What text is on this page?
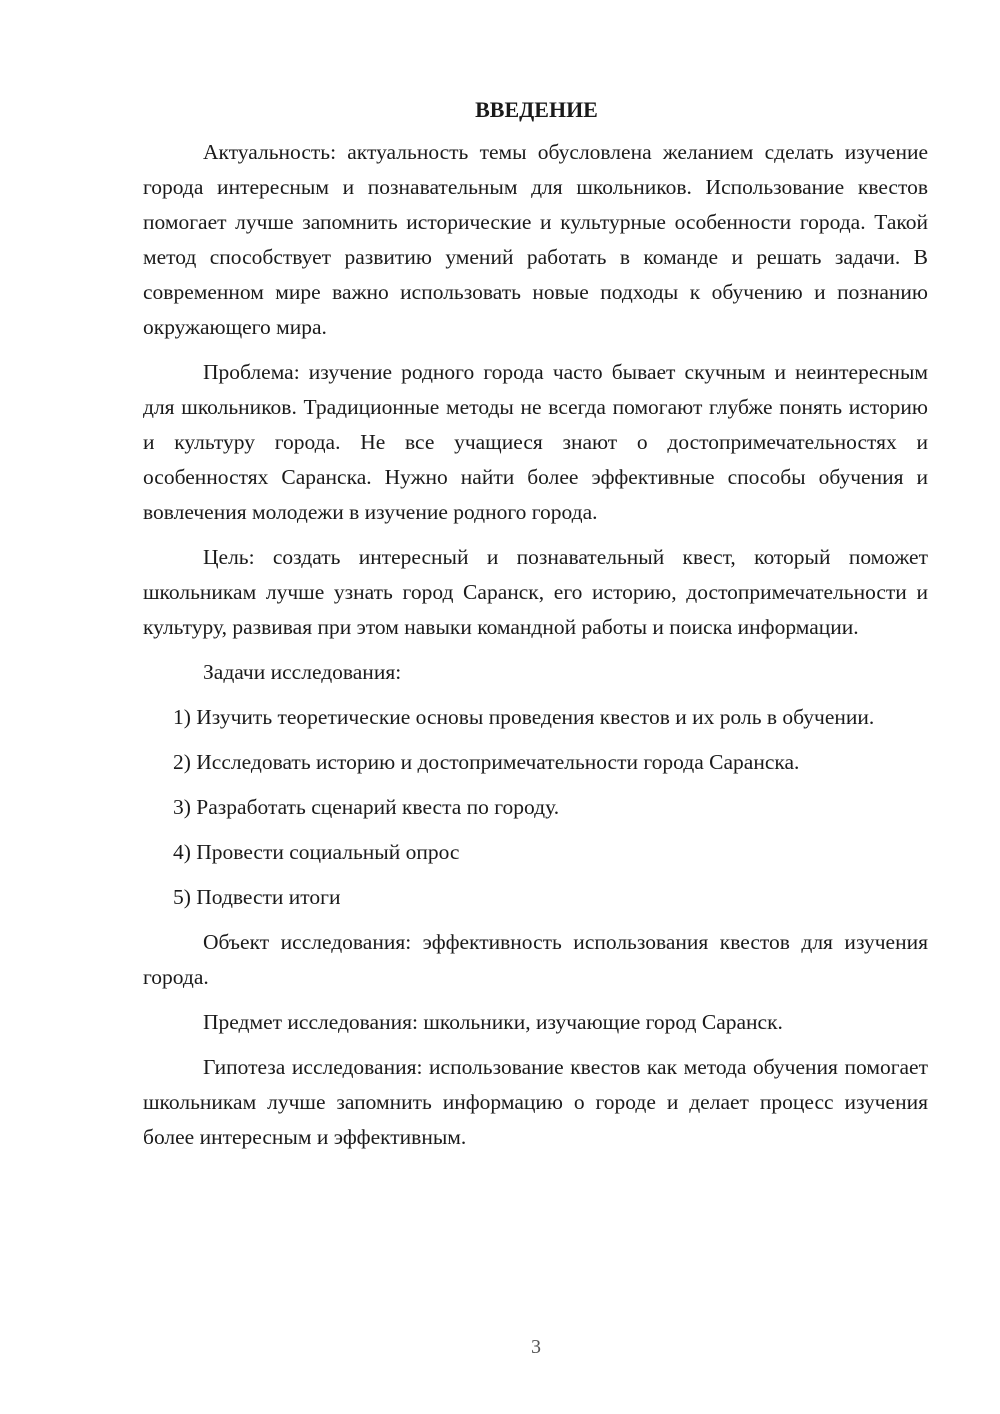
ВВЕДЕНИЕ

Актуальность: актуальность темы обусловлена желанием сделать изучение города интересным и познавательным для школьников. Использование квестов помогает лучше запомнить исторические и культурные особенности города. Такой метод способствует развитию умений работать в команде и решать задачи. В современном мире важно использовать новые подходы к обучению и познанию окружающего мира.

Проблема: изучение родного города часто бывает скучным и неинтересным для школьников. Традиционные методы не всегда помогают глубже понять историю и культуру города. Не все учащиеся знают о достопримечательностях и особенностях Саранска. Нужно найти более эффективные способы обучения и вовлечения молодежи в изучение родного города.

Цель: создать интересный и познавательный квест, который поможет школьникам лучше узнать город Саранск, его историю, достопримечательности и культуру, развивая при этом навыки командной работы и поиска информации.

Задачи исследования:

1) Изучить теоретические основы проведения квестов и их роль в обучении.
2) Исследовать историю и достопримечательности города Саранска.
3) Разработать сценарий квеста по городу.
4) Провести социальный опрос
5) Подвести итоги

Объект исследования: эффективность использования квестов для изучения города.

Предмет исследования: школьники, изучающие город Саранск.

Гипотеза исследования: использование квестов как метода обучения помогает школьникам лучше запомнить информацию о городе и делает процесс изучения более интересным и эффективным.

3
